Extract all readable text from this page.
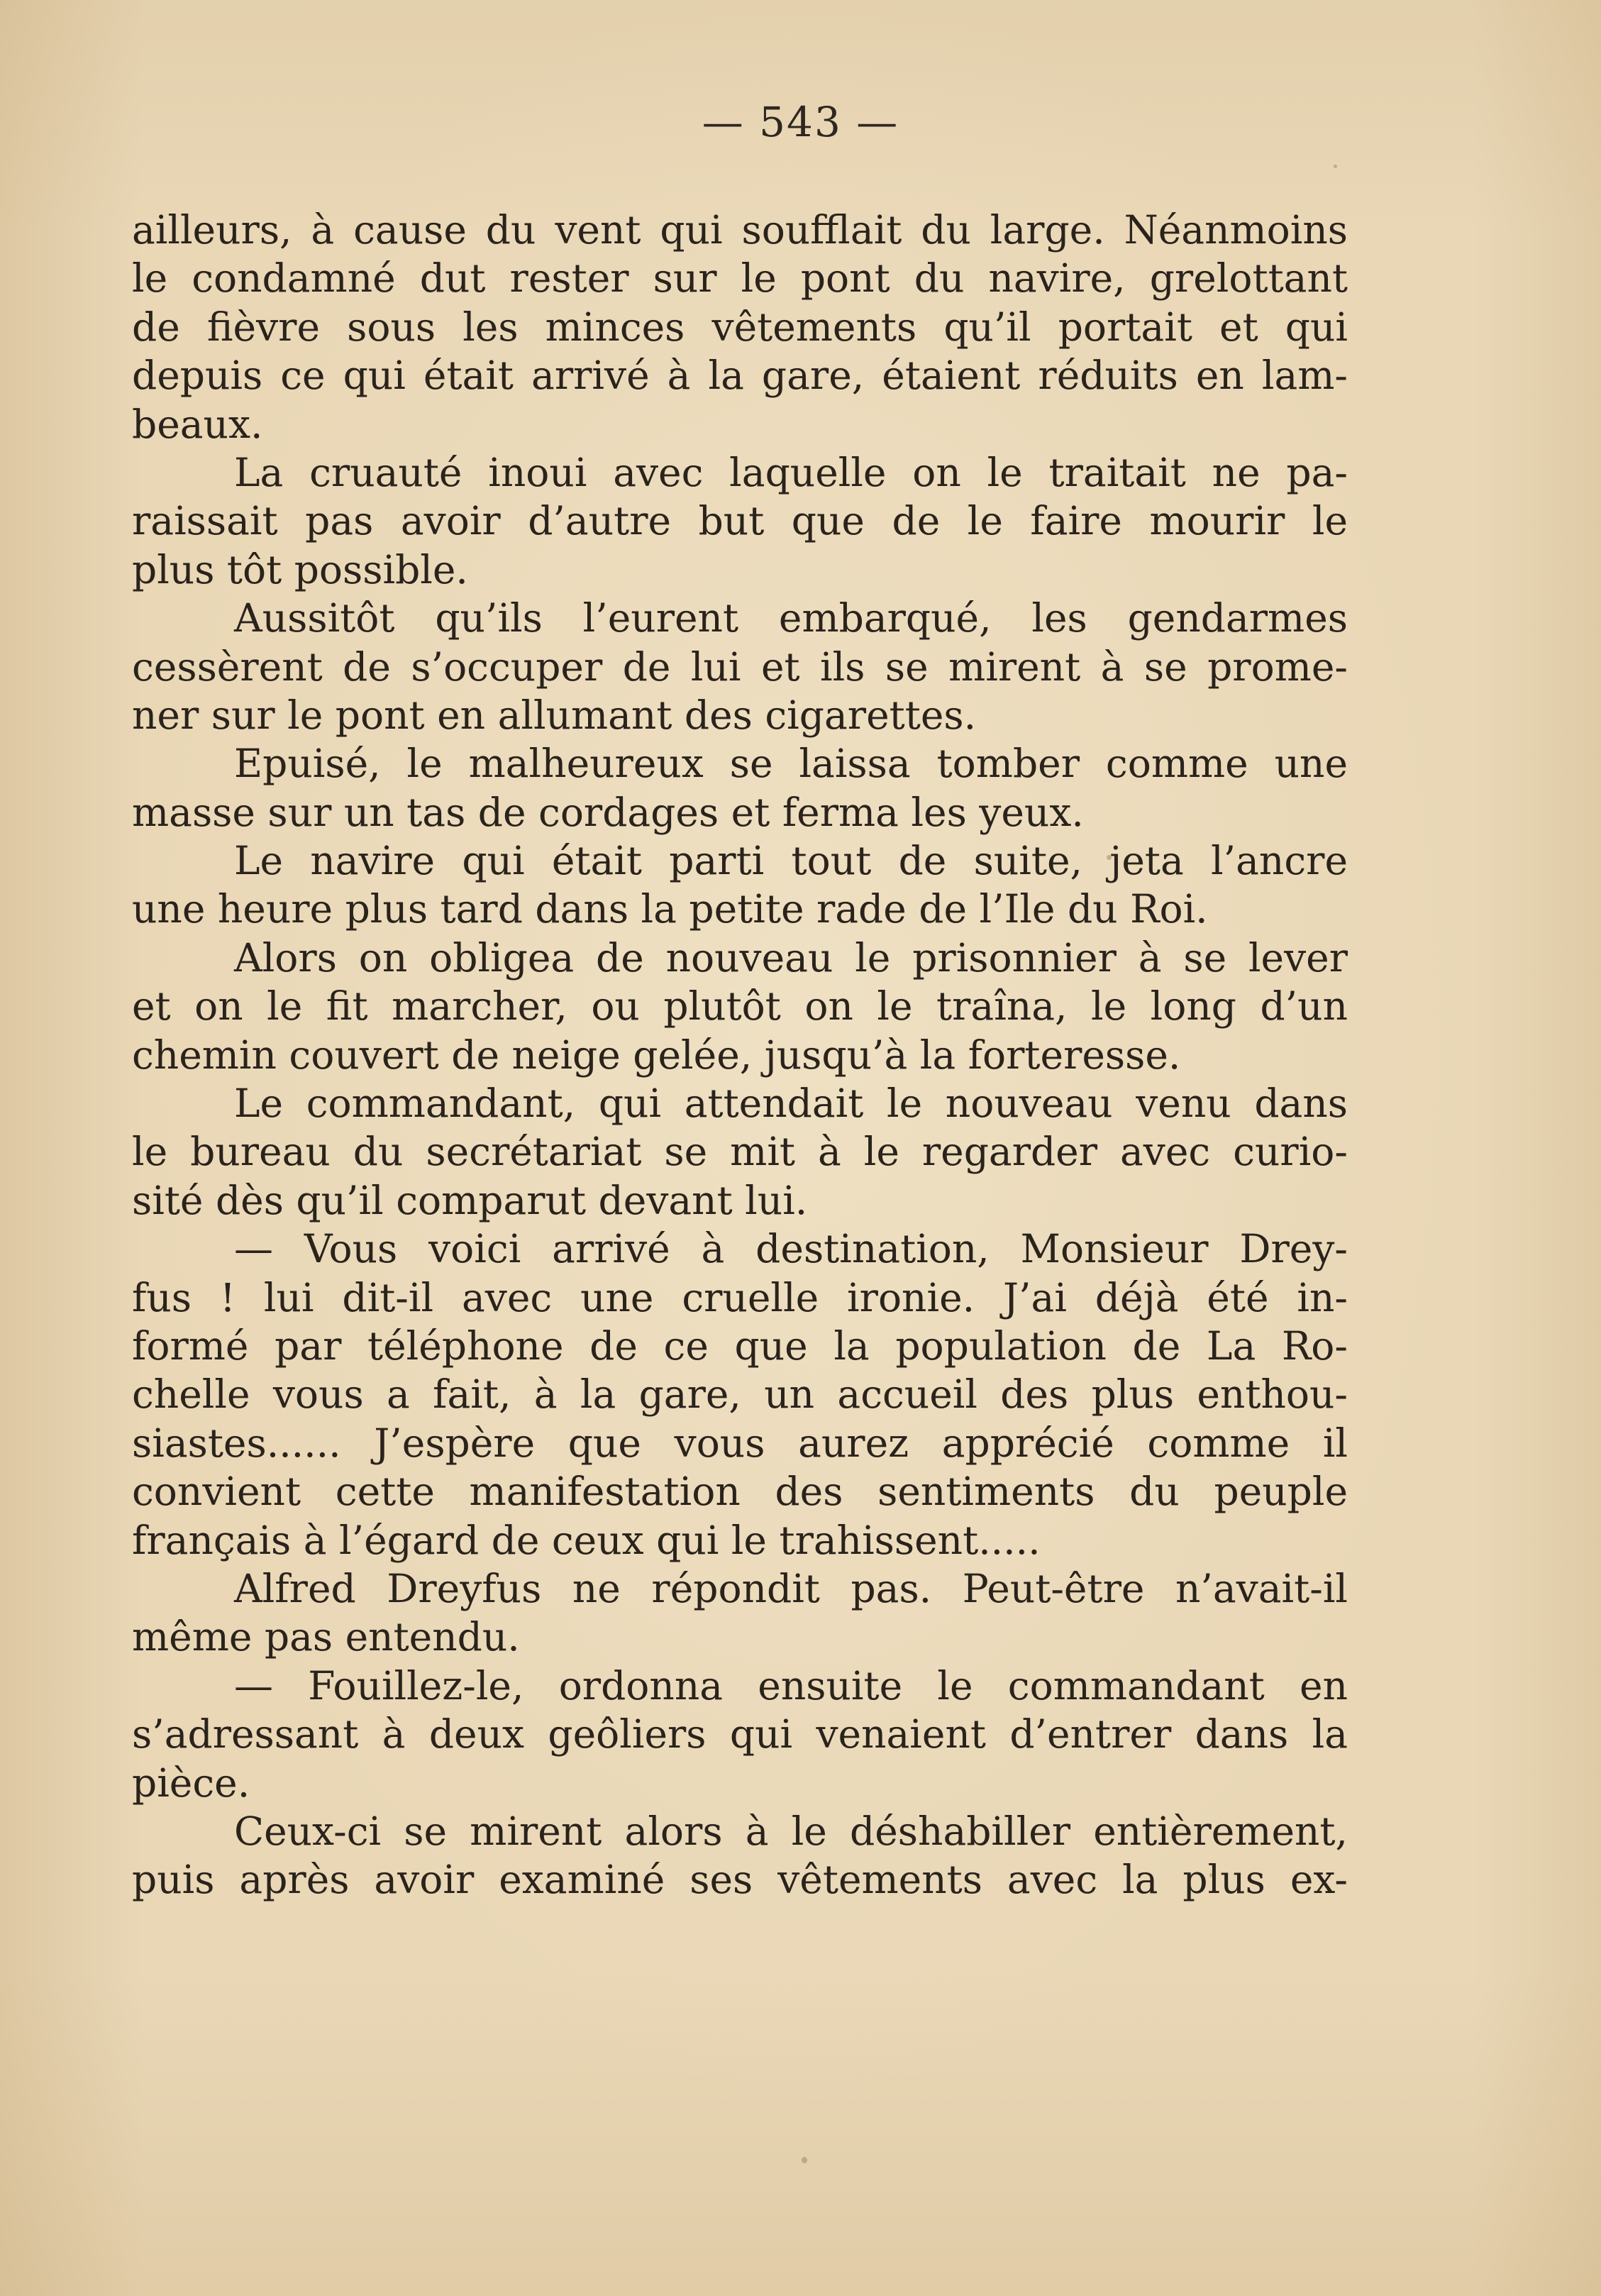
— 543 —
ailleurs, à cause du vent qui soufflait du large. Néanmoins
le condamné dut rester sur le pont du navire, grelottant
de fièvre sous les minces vêtements qu’il portait et qui
depuis ce qui était arrivé à la gare, étaient réduits en lam-
beaux.
La cruauté inoui avec laquelle on le traitait ne pa-
raissait pas avoir d’autre but que de le faire mourir le
plus tôt possible.
Aussitôt qu’ils l’eurent embarqué, les gendarmes
cessèrent de s’occuper de lui et ils se mirent à se prome-
ner sur le pont en allumant des cigarettes.
Epuisé, le malheureux se laissa tomber comme une
masse sur un tas de cordages et ferma les yeux.
Le navire qui était parti tout de suite, jeta l’ancre
une heure plus tard dans la petite rade de l’Ile du Roi.
Alors on obligea de nouveau le prisonnier à se lever
et on le fit marcher, ou plutôt on le traîna, le long d’un
chemin couvert de neige gelée, jusqu’à la forteresse.
Le commandant, qui attendait le nouveau venu dans
le bureau du secrétariat se mit à le regarder avec curio-
sité dès qu’il comparut devant lui.
— Vous voici arrivé à destination, Monsieur Drey-
fus ! lui dit-il avec une cruelle ironie. J’ai déjà été in-
formé par téléphone de ce que la population de La Ro-
chelle vous a fait, à la gare, un accueil des plus enthou-
siastes...... J’espère que vous aurez apprécié comme il
convient cette manifestation des sentiments du peuple
français à l’égard de ceux qui le trahissent.....
Alfred Dreyfus ne répondit pas. Peut-être n’avait-il
même pas entendu.
— Fouillez-le, ordonna ensuite le commandant en
s’adressant à deux geôliers qui venaient d’entrer dans la
pièce.
Ceux-ci se mirent alors à le déshabiller entièrement,
puis après avoir examiné ses vêtements avec la plus ex-
